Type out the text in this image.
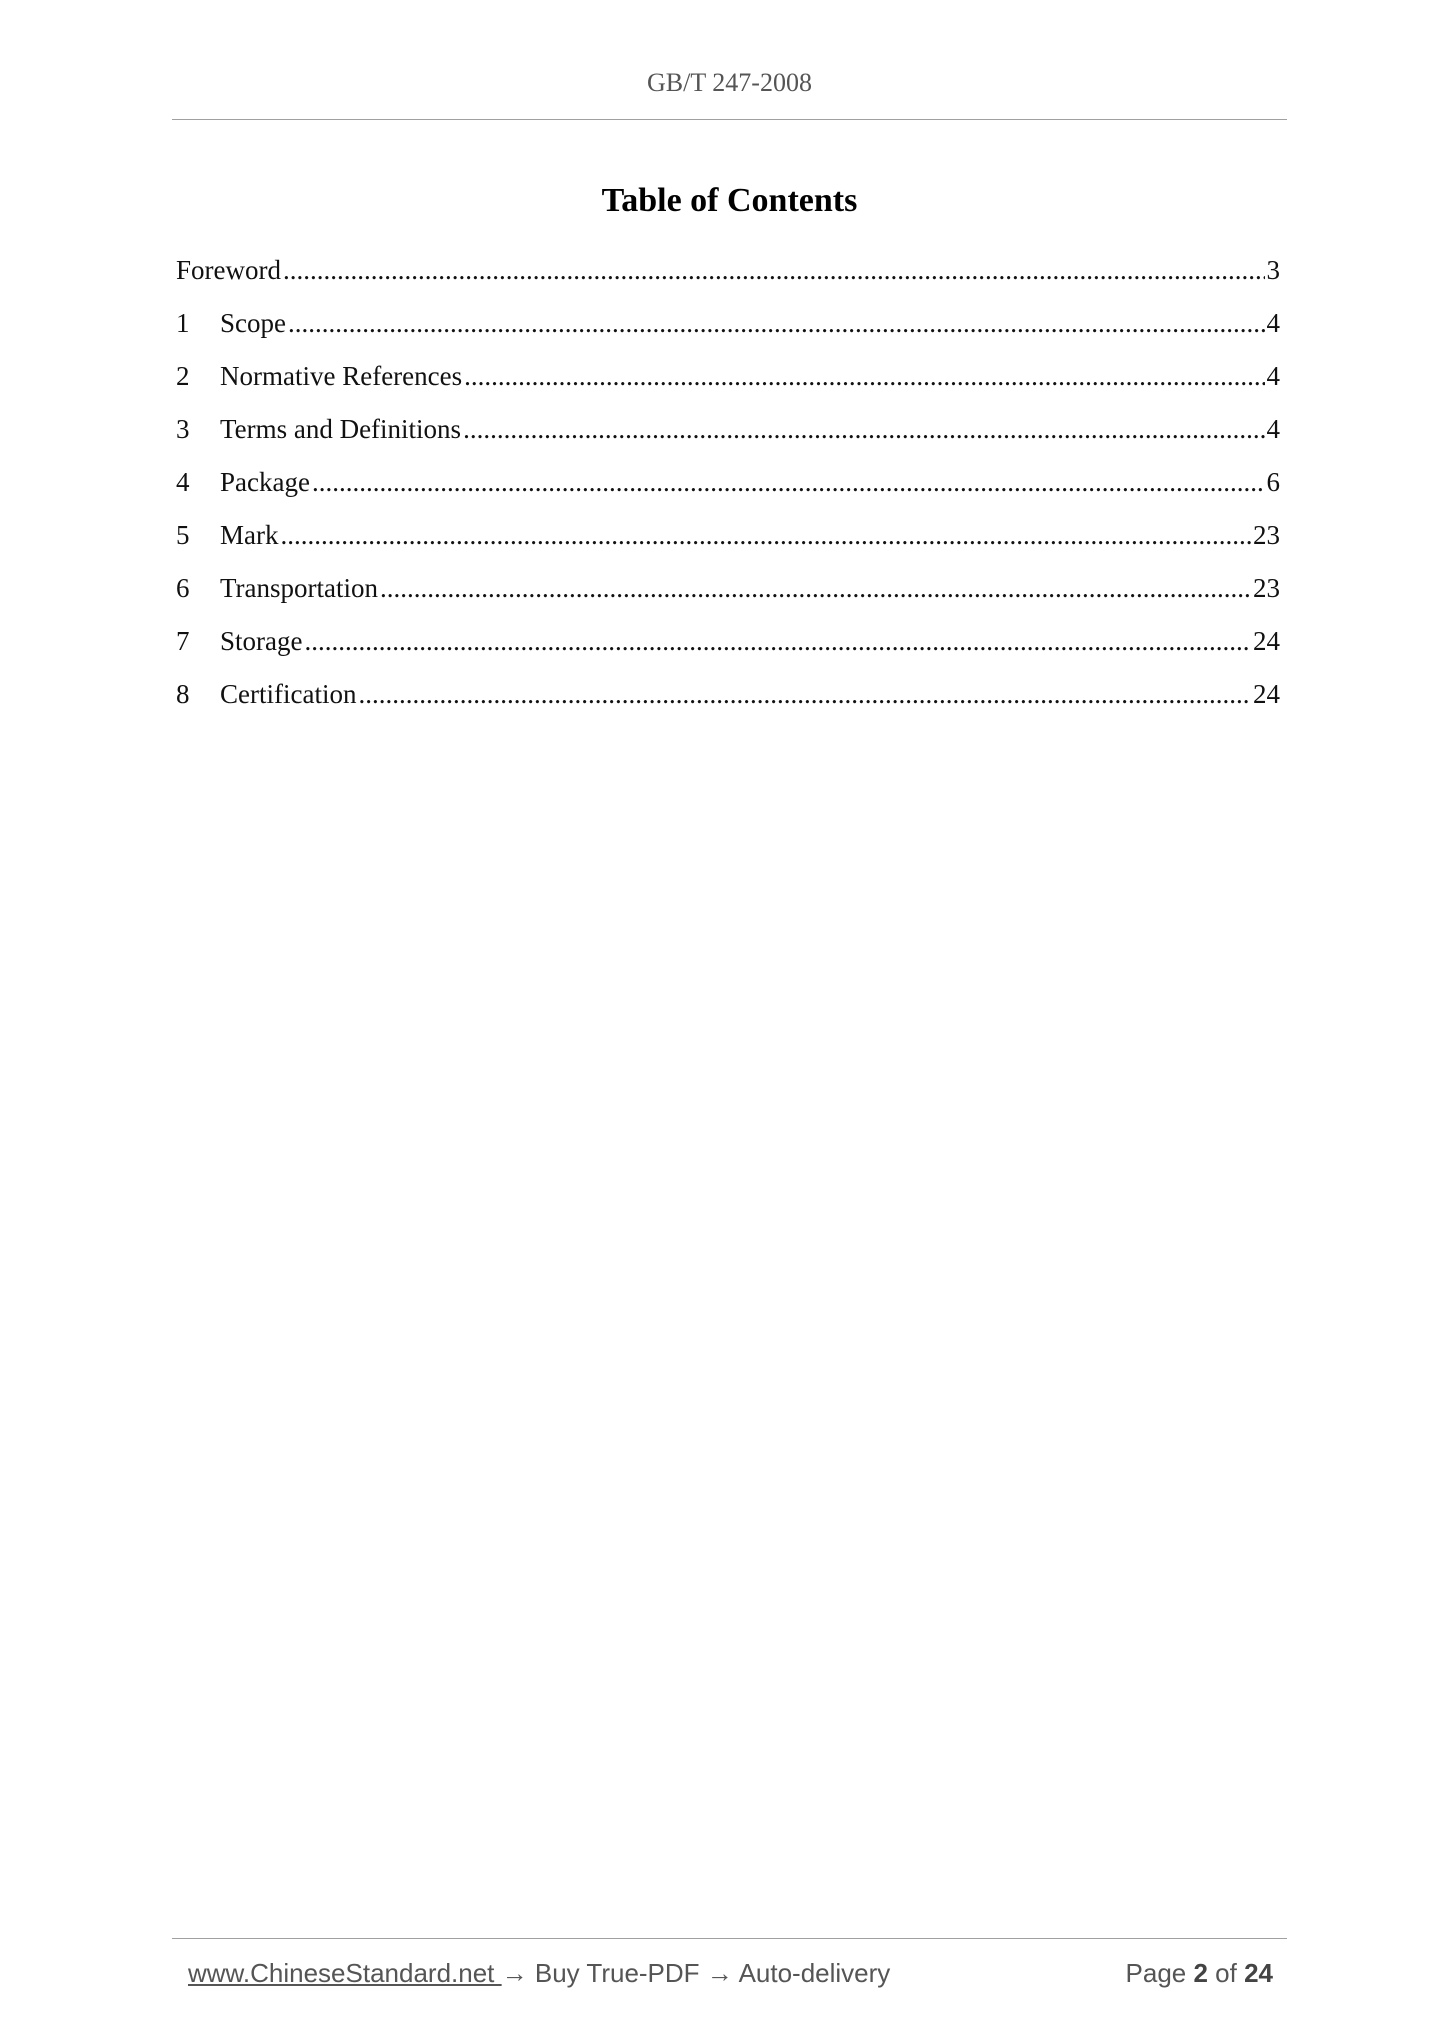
GB/T 247-2008
Table of Contents
Foreword .....	3
1	Scope .....	4
2	Normative References .....	4
3	Terms and Definitions .....	4
4	Package .....	6
5	Mark .....	23
6	Transportation .....	23
7	Storage .....	24
8	Certification .....	24
www.ChineseStandard.net → Buy True-PDF → Auto-delivery	Page 2 of 24
